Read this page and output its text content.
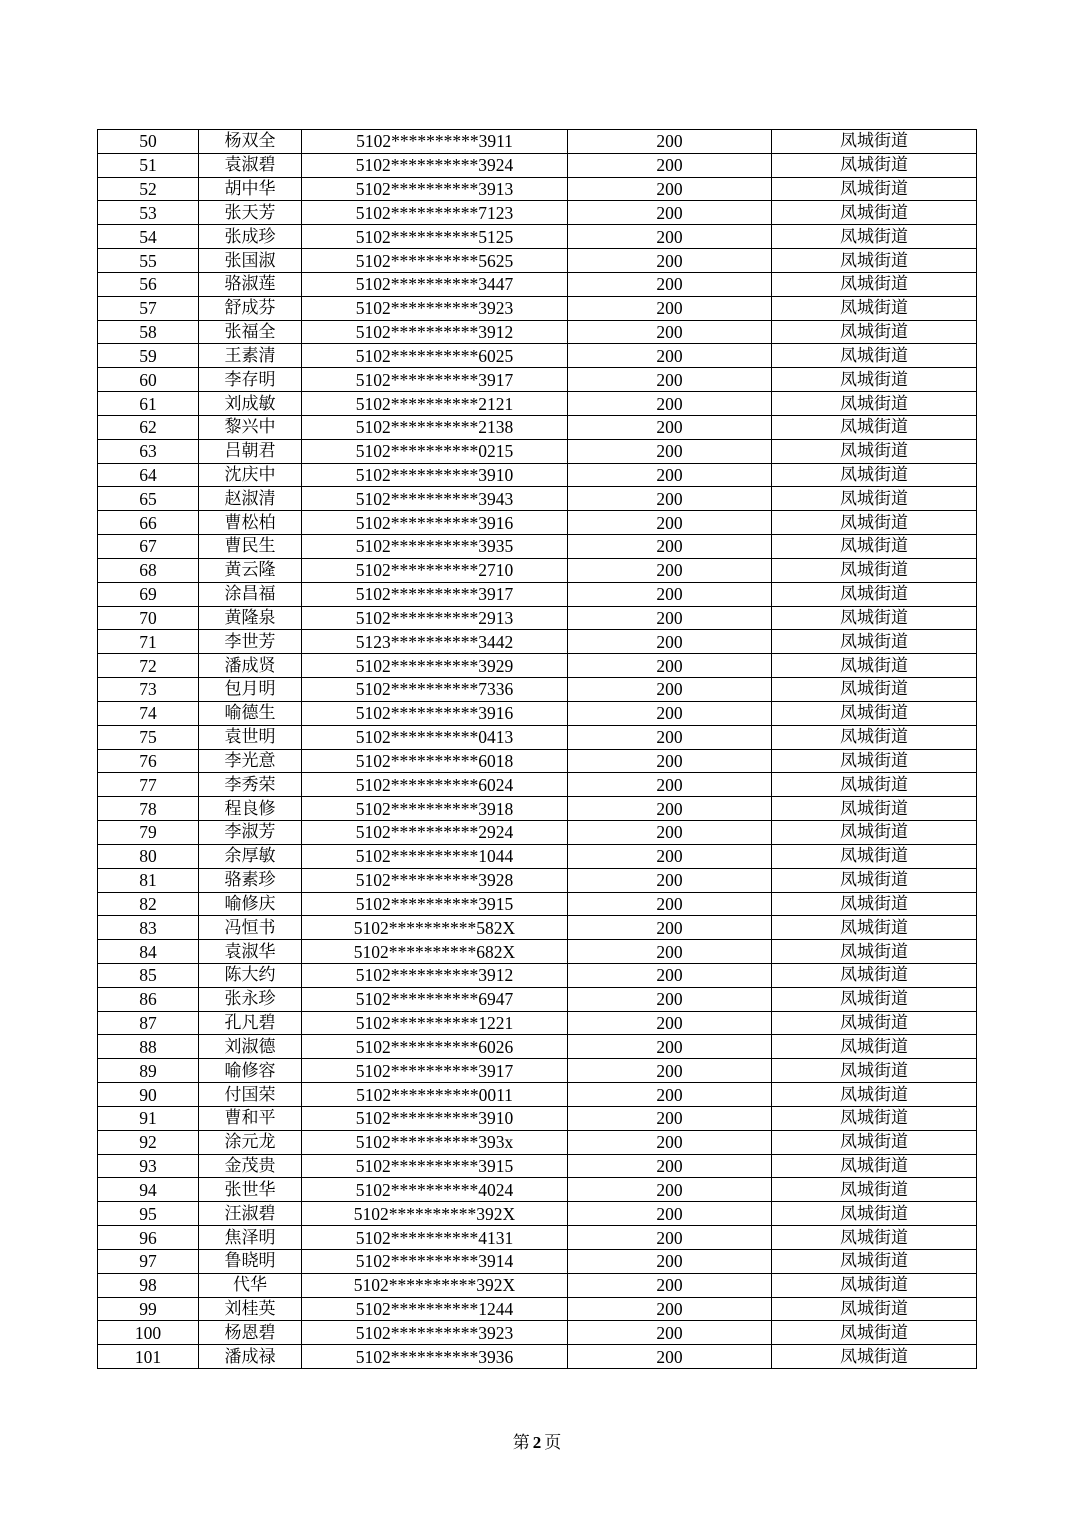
50	杨双全	5102**********3911	200	凤城街道
51	袁淑碧	5102**********3924	200	凤城街道
52	胡中华	5102**********3913	200	凤城街道
53	张天芳	5102**********7123	200	凤城街道
54	张成珍	5102**********5125	200	凤城街道
55	张国淑	5102**********5625	200	凤城街道
56	骆淑莲	5102**********3447	200	凤城街道
57	舒成芬	5102**********3923	200	凤城街道
58	张福全	5102**********3912	200	凤城街道
59	王素清	5102**********6025	200	凤城街道
60	李存明	5102**********3917	200	凤城街道
61	刘成敏	5102**********2121	200	凤城街道
62	黎兴中	5102**********2138	200	凤城街道
63	吕朝君	5102**********0215	200	凤城街道
64	沈庆中	5102**********3910	200	凤城街道
65	赵淑清	5102**********3943	200	凤城街道
66	曹松柏	5102**********3916	200	凤城街道
67	曹民生	5102**********3935	200	凤城街道
68	黄云隆	5102**********2710	200	凤城街道
69	涂昌福	5102**********3917	200	凤城街道
70	黄隆泉	5102**********2913	200	凤城街道
71	李世芳	5123**********3442	200	凤城街道
72	潘成贤	5102**********3929	200	凤城街道
73	包月明	5102**********7336	200	凤城街道
74	喻德生	5102**********3916	200	凤城街道
75	袁世明	5102**********0413	200	凤城街道
76	李光意	5102**********6018	200	凤城街道
77	李秀荣	5102**********6024	200	凤城街道
78	程良修	5102**********3918	200	凤城街道
79	李淑芳	5102**********2924	200	凤城街道
80	余厚敏	5102**********1044	200	凤城街道
81	骆素珍	5102**********3928	200	凤城街道
82	喻修庆	5102**********3915	200	凤城街道
83	冯恒书	5102**********582X	200	凤城街道
84	袁淑华	5102**********682X	200	凤城街道
85	陈大约	5102**********3912	200	凤城街道
86	张永珍	5102**********6947	200	凤城街道
87	孔凡碧	5102**********1221	200	凤城街道
88	刘淑德	5102**********6026	200	凤城街道
89	喻修容	5102**********3917	200	凤城街道
90	付国荣	5102**********0011	200	凤城街道
91	曹和平	5102**********3910	200	凤城街道
92	涂元龙	5102**********393x	200	凤城街道
93	金茂贵	5102**********3915	200	凤城街道
94	张世华	5102**********4024	200	凤城街道
95	汪淑碧	5102**********392X	200	凤城街道
96	焦泽明	5102**********4131	200	凤城街道
97	鲁晓明	5102**********3914	200	凤城街道
98	代华	5102**********392X	200	凤城街道
99	刘桂英	5102**********1244	200	凤城街道
100	杨恩碧	5102**********3923	200	凤城街道
101	潘成禄	5102**********3936	200	凤城街道
第 2 页
